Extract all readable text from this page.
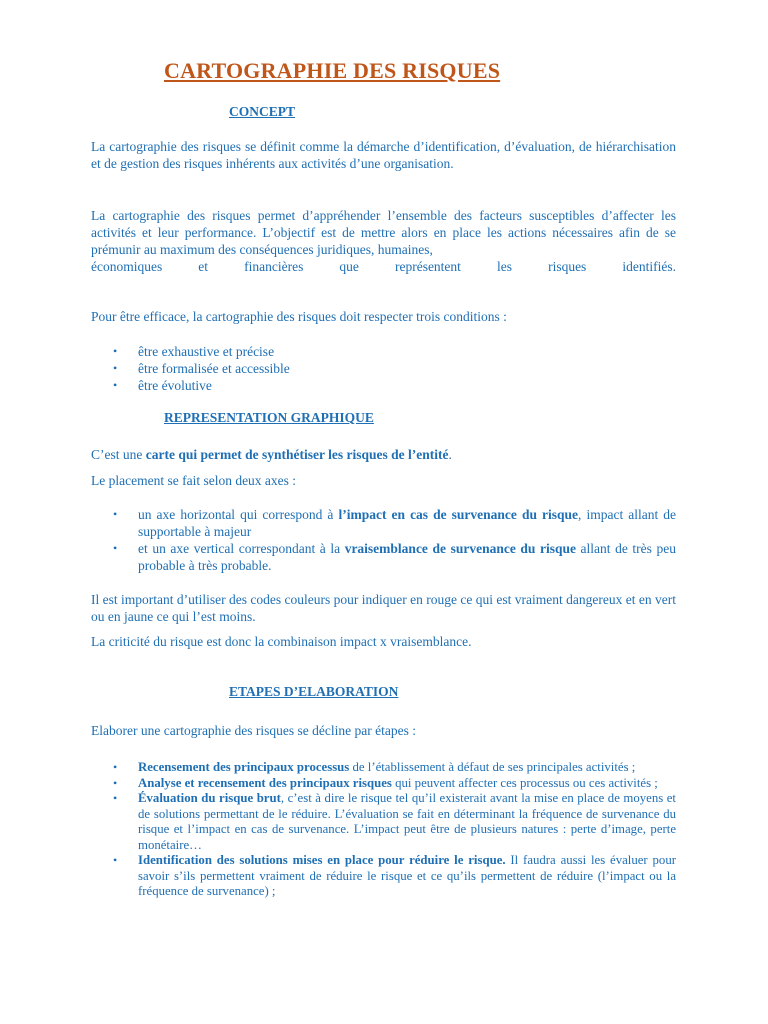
CARTOGRAPHIE DES RISQUES
CONCEPT

La cartographie des risques se définit comme la démarche d’identification, d’évaluation, de hiérarchisation et de gestion des risques inhérents aux activités d’une organisation.

La cartographie des risques permet d’appréhender l’ensemble des facteurs susceptibles d’affecter les activités et leur performance. L’objectif est de mettre alors en place les actions nécessaires afin de se prémunir au maximum des conséquences juridiques, humaines,

économiques et financières que représentent les risques identifiés.

Pour être efficace, la cartographie des risques doit respecter trois conditions :

• être exhaustive et précise
• être formalisée et accessible
• être évolutive
REPRESENTATION GRAPHIQUE

C’est une carte qui permet de synthétiser les risques de l’entité.

Le placement se fait selon deux axes :

• un axe horizontal qui correspond à l’impact en cas de survenance du risque, impact allant de supportable à majeur
• et un axe vertical correspondant à la vraisemblance de survenance du risque allant de très peu probable à très probable.

Il est important d’utiliser des codes couleurs pour indiquer en rouge ce qui est vraiment dangereux et en vert ou en jaune ce qui l’est moins.

La criticité du risque est donc la combinaison impact x vraisemblance.

ETAPES D’ELABORATION

Elaborer une cartographie des risques se décline par étapes :

• Recensement des principaux processus de l’établissement à défaut de ses principales activités ;
• Analyse et recensement des principaux risques qui peuvent affecter ces processus ou ces activités ;
• Évaluation du risque brut, c’est à dire le risque tel qu’il existerait avant la mise en place de moyens et de solutions permettant de le réduire. L’évaluation se fait en déterminant la fréquence de survenance du risque et l’impact en cas de survenance. L’impact peut être de plusieurs natures : perte d’image, perte monétaire…
• Identification des solutions mises en place pour réduire le risque. Il faudra aussi les évaluer pour savoir s’ils permettent vraiment de réduire le risque et ce qu’ils permettent de réduire (l’impact ou la fréquence de survenance) ;
